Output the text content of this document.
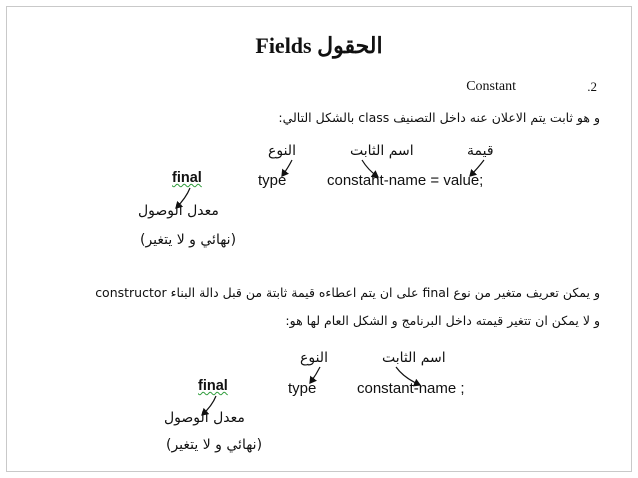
Fields الحقول
Constant	.2
و هو ثابت يتم الاعلان عنه داخل التصنيف class بالشكل التالي:
final	type	constant-name = value;
النوع	اسم الثابت	قيمة
معدل الوصول
(نهائي و لا يتغير)
و يمكن تعريف متغير من نوع final على ان يتم اعطاءه قيمة ثابتة من قبل دالة البناء constructor
و لا يمكن ان تتغير قيمته داخل البرنامج و الشكل العام لها هو:
final	type	constant-name ;
النوع	اسم الثابت
معدل الوصول
(نهائي و لا يتغير)
